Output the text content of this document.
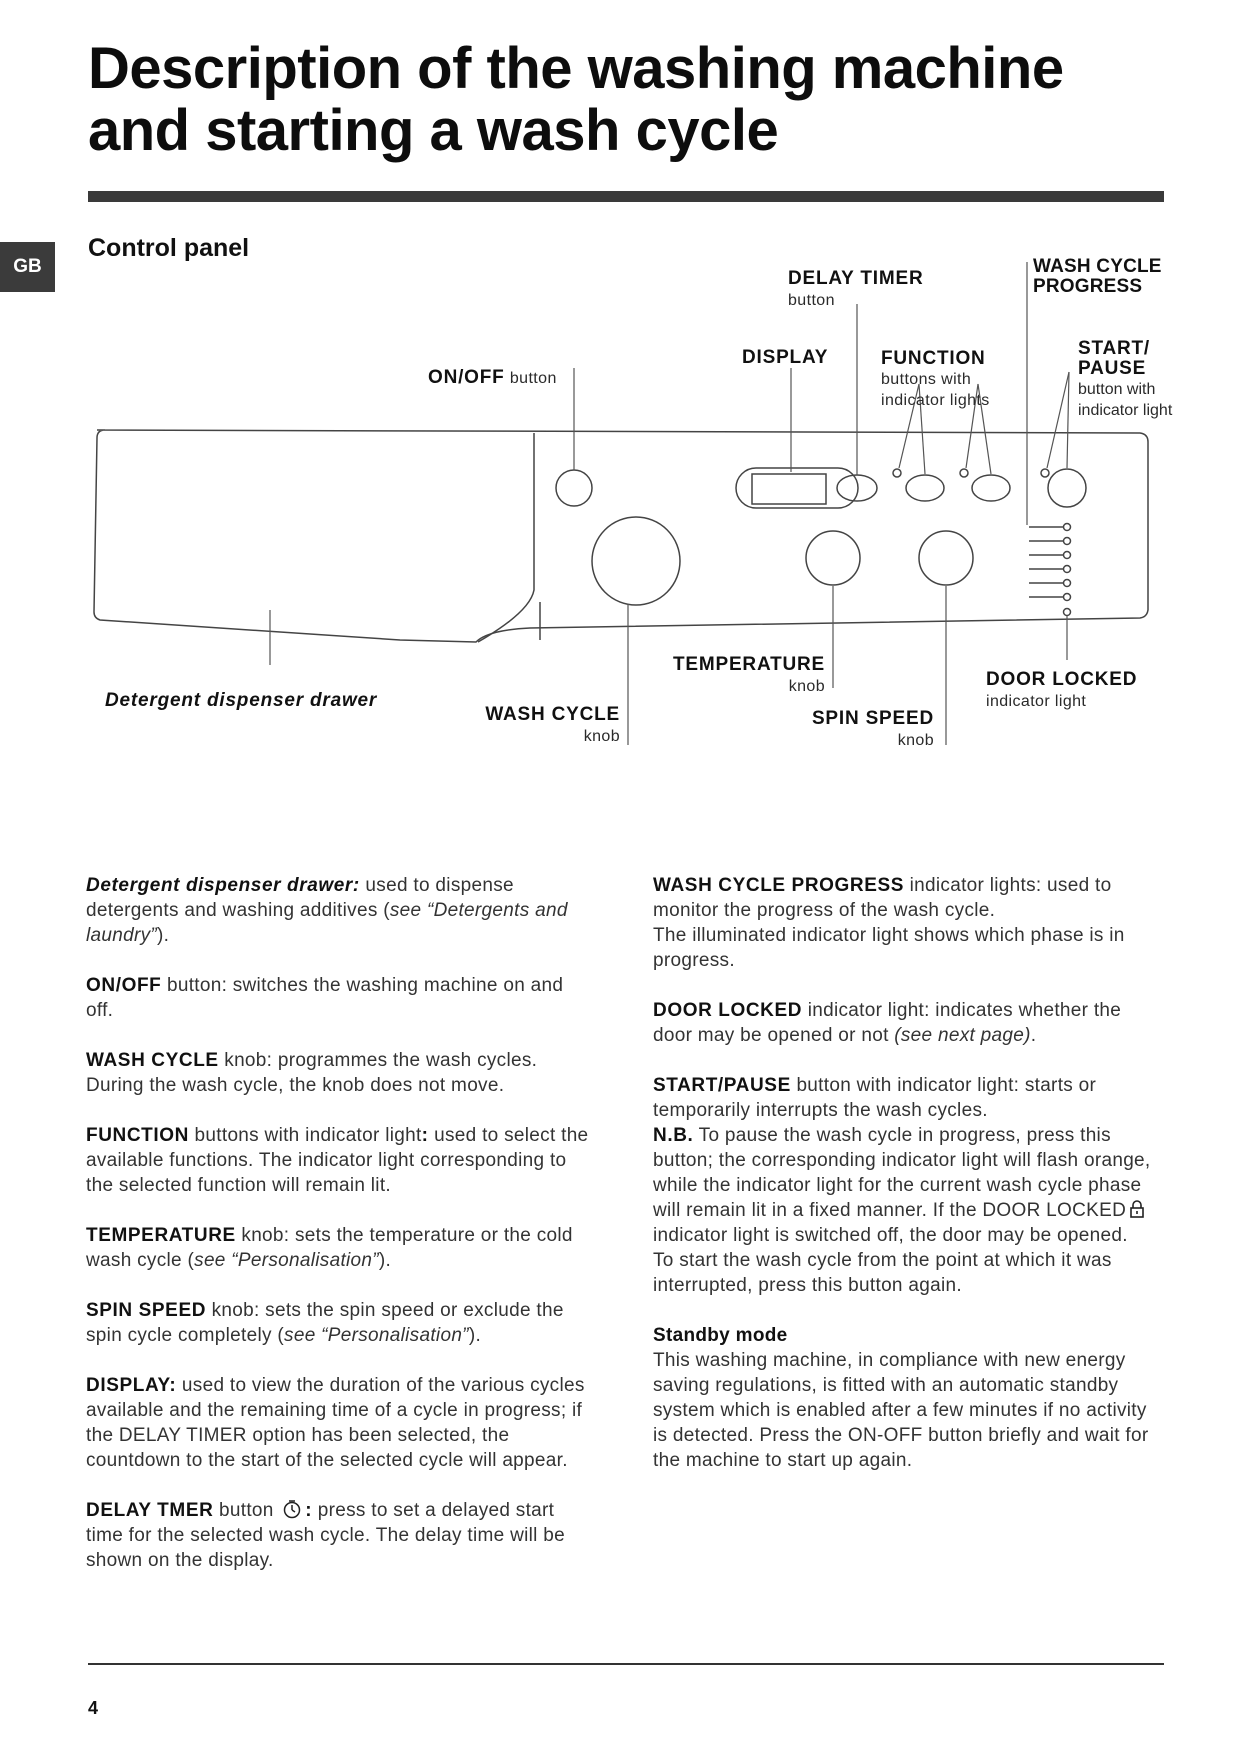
Description of the washing machine and starting a wash cycle
GB
Control panel
DELAY TIMER
button
WASH CYCLE
PROGRESS
DISPLAY	FUNCTION
buttons with
indicator lights
START/
PAUSE
button with
indicator light
ON/OFF button
Detergent dispenser drawer
WASH CYCLE
knob
TEMPERATURE
knob
SPIN SPEED
knob
DOOR LOCKED
indicator light

Detergent dispenser drawer: used to dispense detergents and washing additives (see “Detergents and laundry”).

ON/OFF button: switches the washing machine on and off.

WASH CYCLE knob: programmes the wash cycles. During the wash cycle, the knob does not move.

FUNCTION buttons with indicator light: used to select the available functions. The indicator light corresponding to the selected function will remain lit.

TEMPERATURE knob: sets the temperature or the cold wash cycle (see “Personalisation”).

SPIN SPEED knob: sets the spin speed or exclude the spin cycle completely (see “Personalisation”).

DISPLAY: used to view the duration of the various cycles available and the remaining time of a cycle in progress; if the DELAY TIMER option has been selected, the countdown to the start of the selected cycle will appear.

DELAY TMER button : press to set a delayed start time for the selected wash cycle. The delay time will be shown on the display.

WASH CYCLE PROGRESS indicator lights: used to monitor the progress of the wash cycle.
The illuminated indicator light shows which phase is in progress.

DOOR LOCKED indicator light: indicates whether the door may be opened or not (see next page).

START/PAUSE button with indicator light: starts or temporarily interrupts the wash cycles.
N.B. To pause the wash cycle in progress, press this button; the corresponding indicator light will flash orange, while the indicator light for the current wash cycle phase will remain lit in a fixed manner. If the DOOR LOCKED indicator light is switched off, the door may be opened.
To start the wash cycle from the point at which it was interrupted, press this button again.

Standby mode
This washing machine, in compliance with new energy saving regulations, is fitted with an automatic standby system which is enabled after a few minutes if no activity is detected. Press the ON-OFF button briefly and wait for the machine to start up again.

4
